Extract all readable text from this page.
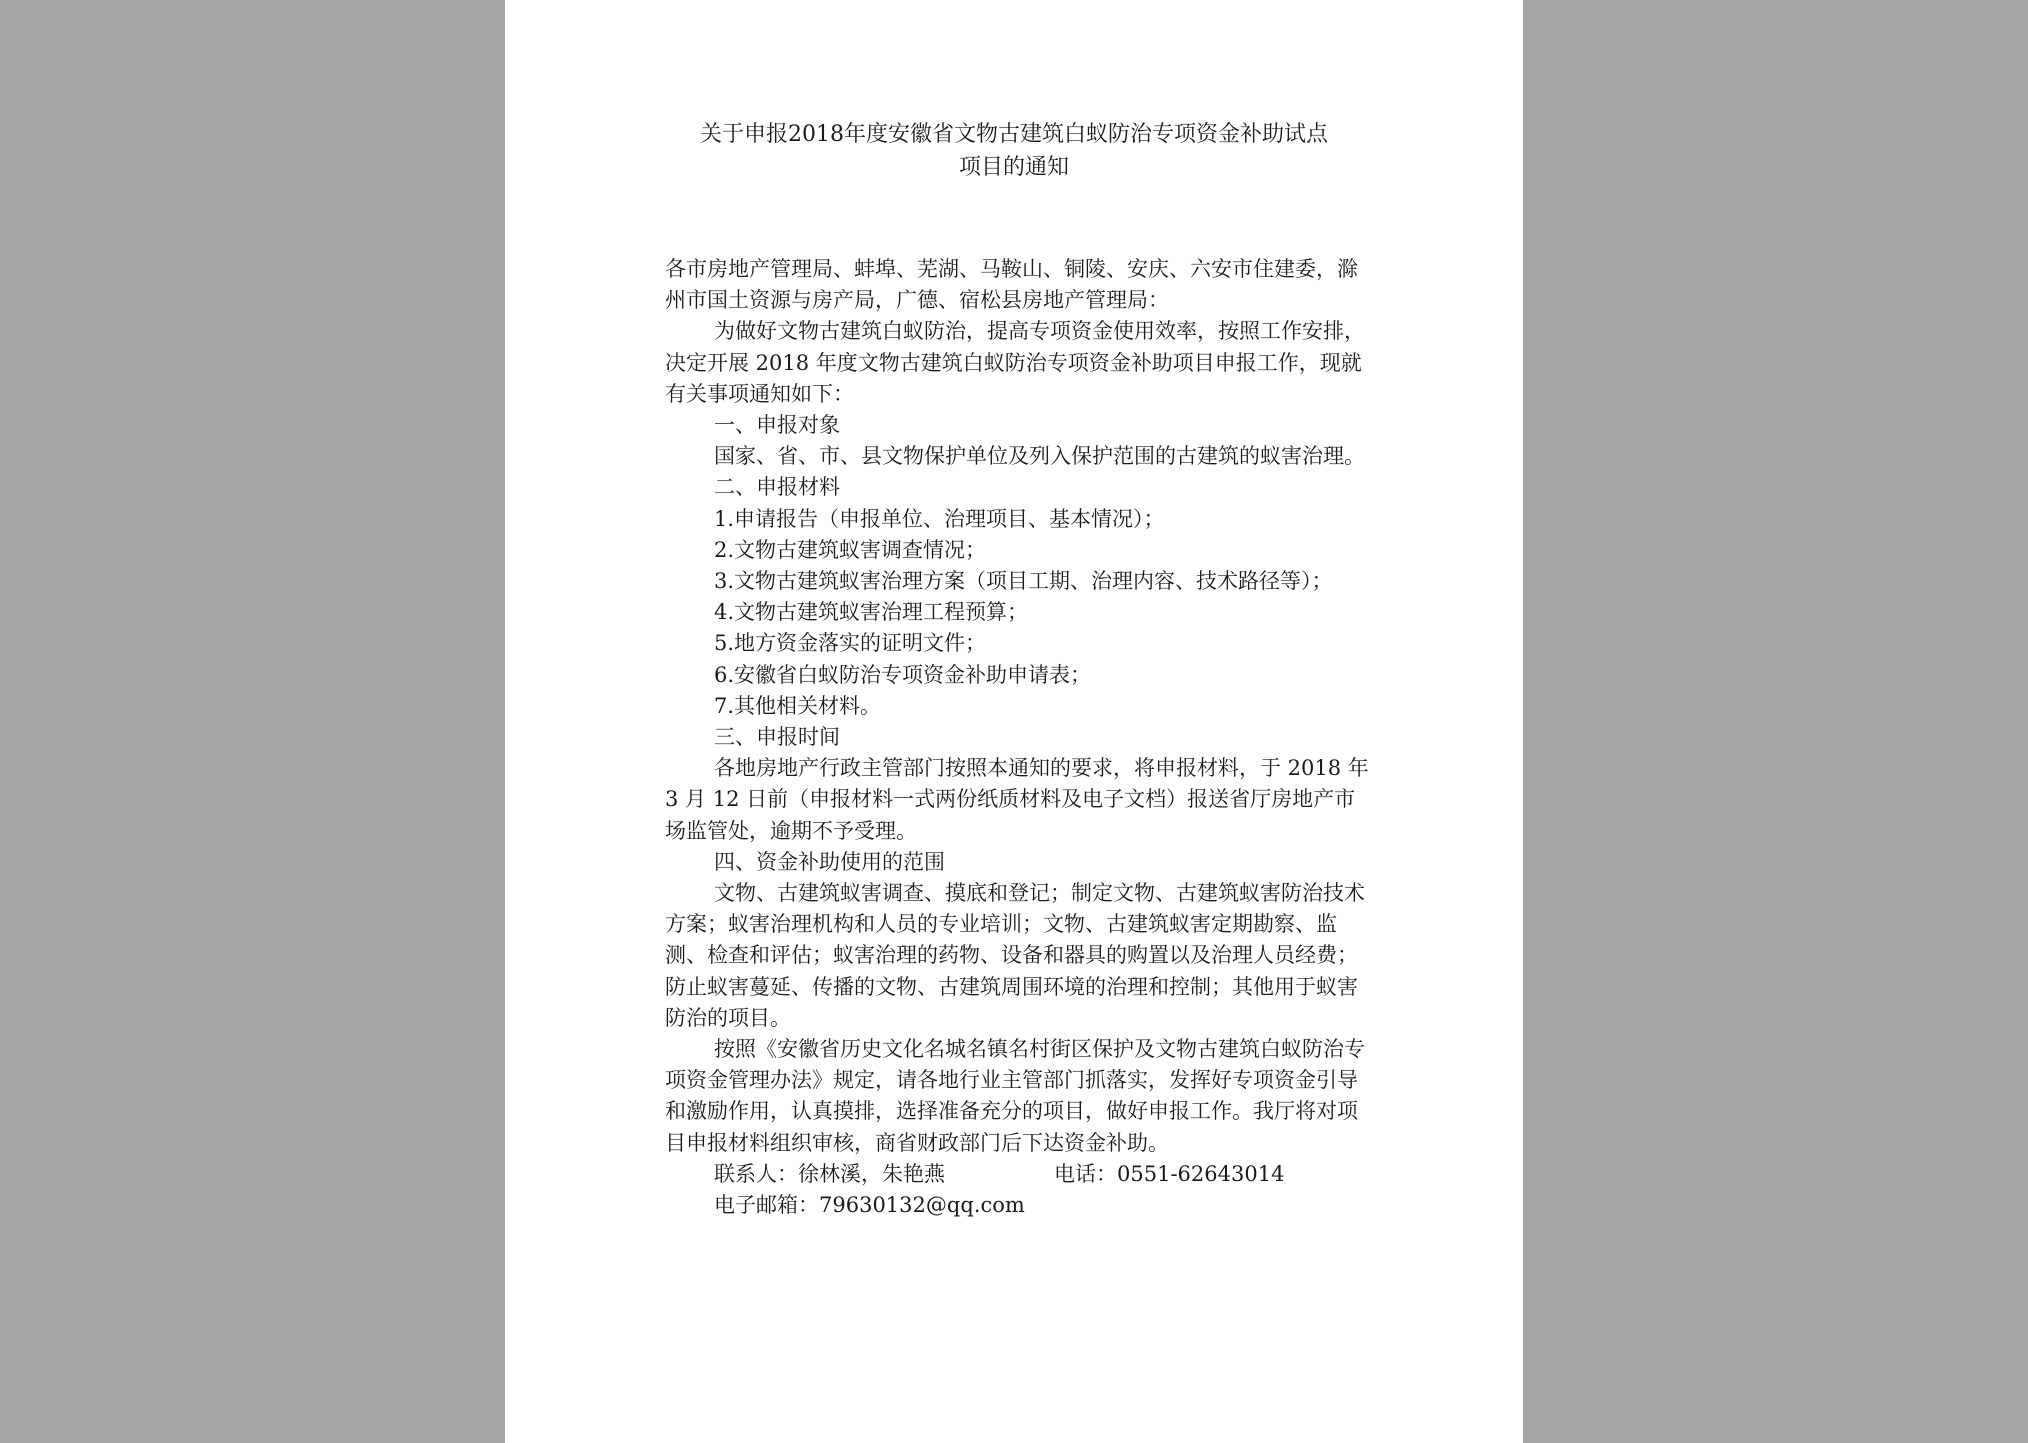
关于申报2018年度安徽省文物古建筑白蚁防治专项资金补助试点
项目的通知

各市房地产管理局、蚌埠、芜湖、马鞍山、铜陵、安庆、六安市住建委，滁州市国土资源与房产局，广德、宿松县房地产管理局：

为做好文物古建筑白蚁防治，提高专项资金使用效率，按照工作安排，决定开展 2018 年度文物古建筑白蚁防治专项资金补助项目申报工作，现就有关事项通知如下：

一、申报对象

国家、省、市、县文物保护单位及列入保护范围的古建筑的蚁害治理。

二、申报材料

1.申请报告（申报单位、治理项目、基本情况）；

2.文物古建筑蚁害调查情况；

3.文物古建筑蚁害治理方案（项目工期、治理内容、技术路径等）；

4.文物古建筑蚁害治理工程预算；

5.地方资金落实的证明文件；

6.安徽省白蚁防治专项资金补助申请表；

7.其他相关材料。

三、申报时间

各地房地产行政主管部门按照本通知的要求，将申报材料，于 2018 年 3 月 12 日前（申报材料一式两份纸质材料及电子文档）报送省厅房地产市场监管处，逾期不予受理。

四、资金补助使用的范围

文物、古建筑蚁害调查、摸底和登记；制定文物、古建筑蚁害防治技术方案；蚁害治理机构和人员的专业培训；文物、古建筑蚁害定期勘察、监测、检查和评估；蚁害治理的药物、设备和器具的购置以及治理人员经费；防止蚁害蔓延、传播的文物、古建筑周围环境的治理和控制；其他用于蚁害防治的项目。

按照《安徽省历史文化名城名镇名村街区保护及文物古建筑白蚁防治专项资金管理办法》规定，请各地行业主管部门抓落实，发挥好专项资金引导和激励作用，认真摸排，选择准备充分的项目，做好申报工作。我厅将对项目申报材料组织审核，商省财政部门后下达资金补助。

联系人：徐林溪，朱艳燕	电话：0551-62643014

电子邮箱：79630132@qq.com
